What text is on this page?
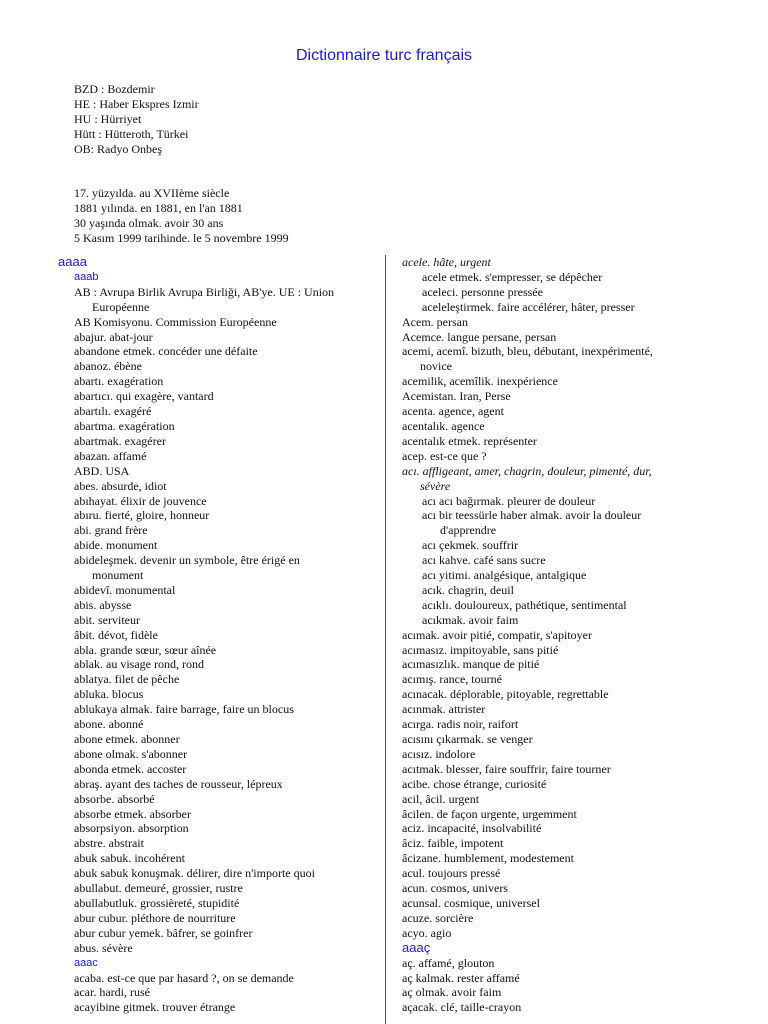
Dictionnaire turc français
BZD : Bozdemir
HE : Haber Ekspres Izmir
HU : Hürriyet
Hütt : Hütteroth, Türkei
OB: Radyo Onbeş
17. yüzyılda. au XVIIème siècle
1881 yılında. en 1881, en l'an 1881
30 yaşında olmak. avoir 30 ans
5 Kasım 1999 tarihinde. le 5 novembre 1999
aaaa
aaab
AB : Avrupa Birlik Avrupa Birliği, AB'ye. UE : Union
Européenne
AB Komisyonu. Commission Européenne
abajur. abat-jour
abandone etmek. concéder une défaite
abanoz. ébène
abartı. exagération
abartıcı. qui exagère, vantard
abartılı. exagéré
abartma. exagération
abartmak. exagérer
abazan. affamé
ABD. USA
abes. absurde, idiot
abıhayat. élixir de jouvence
abıru. fierté, gloire, honneur
abi. grand frère
abide. monument
abideleşmek. devenir un symbole, être érigé en
monument
abidevî. monumental
abis. abysse
abit. serviteur
âbit. dévot, fidèle
abla. grande sœur, sœur aînée
ablak. au visage rond, rond
ablatya. filet de pêche
abluka. blocus
ablukaya almak. faire barrage, faire un blocus
abone. abonné
abone etmek. abonner
abone olmak. s'abonner
abonda etmek. accoster
abraş. ayant des taches de rousseur, lépreux
absorbe. absorbé
absorbe etmek. absorber
absorpsiyon. absorption
abstre. abstrait
abuk sabuk. incohérent
abuk sabuk konuşmak. délirer, dire n'importe quoi
abullabut. demeuré, grossier, rustre
abullabutluk. grossièreté, stupidité
abur cubur. pléthore de nourriture
abur cubur yemek. bâfrer, se goinfrer
abus. sévère
aaac
acaba. est-ce que par hasard ?, on se demande
acar. hardi, rusé
acayibine gitmek. trouver étrange
acele. hâte, urgent
acele etmek. s'empresser, se dépêcher
aceleci. personne pressée
aceleleştirmek. faire accélérer, hâter, presser
Acem. persan
Acemce. langue persane, persan
acemi, acemî. bizuth, bleu, débutant, inexpérimenté,
novice
acemilik, acemîlik. inexpérience
Acemistan. Iran, Perse
acenta. agence, agent
acentalık. agence
acentalık etmek. représenter
acep. est-ce que ?
acı. affligeant, amer, chagrin, douleur, pimenté, dur,
sévère
acı acı bağırmak. pleurer de douleur
acı bir teessürle haber almak. avoir la douleur
d'apprendre
acı çekmek. souffrir
acı kahve. café sans sucre
acı yitimi. analgésique, antalgique
acık. chagrin, deuil
acıklı. douloureux, pathétique, sentimental
acıkmak. avoir faim
acımak. avoir pitié, compatir, s'apitoyer
acımasız. impitoyable, sans pitié
acımasızlık. manque de pitié
acımış. rance, tourné
acınacak. déplorable, pitoyable, regrettable
acınmak. attrister
acırga. radis noir, raifort
acısını çıkarmak. se venger
acısız. indolore
acıtmak. blesser, faire souffrir, faire tourner
acibe. chose étrange, curiosité
acil, âcil. urgent
âcilen. de façon urgente, urgemment
aciz. incapacité, insolvabilité
âciz. faible, impotent
âcizane. humblement, modestement
acul. toujours pressé
acun. cosmos, univers
acunsal. cosmique, universel
acuze. sorcière
acyo. agio
aaaç
aç. affamé, glouton
aç kalmak. rester affamé
aç olmak. avoir faim
açacak. clé, taille-crayon
